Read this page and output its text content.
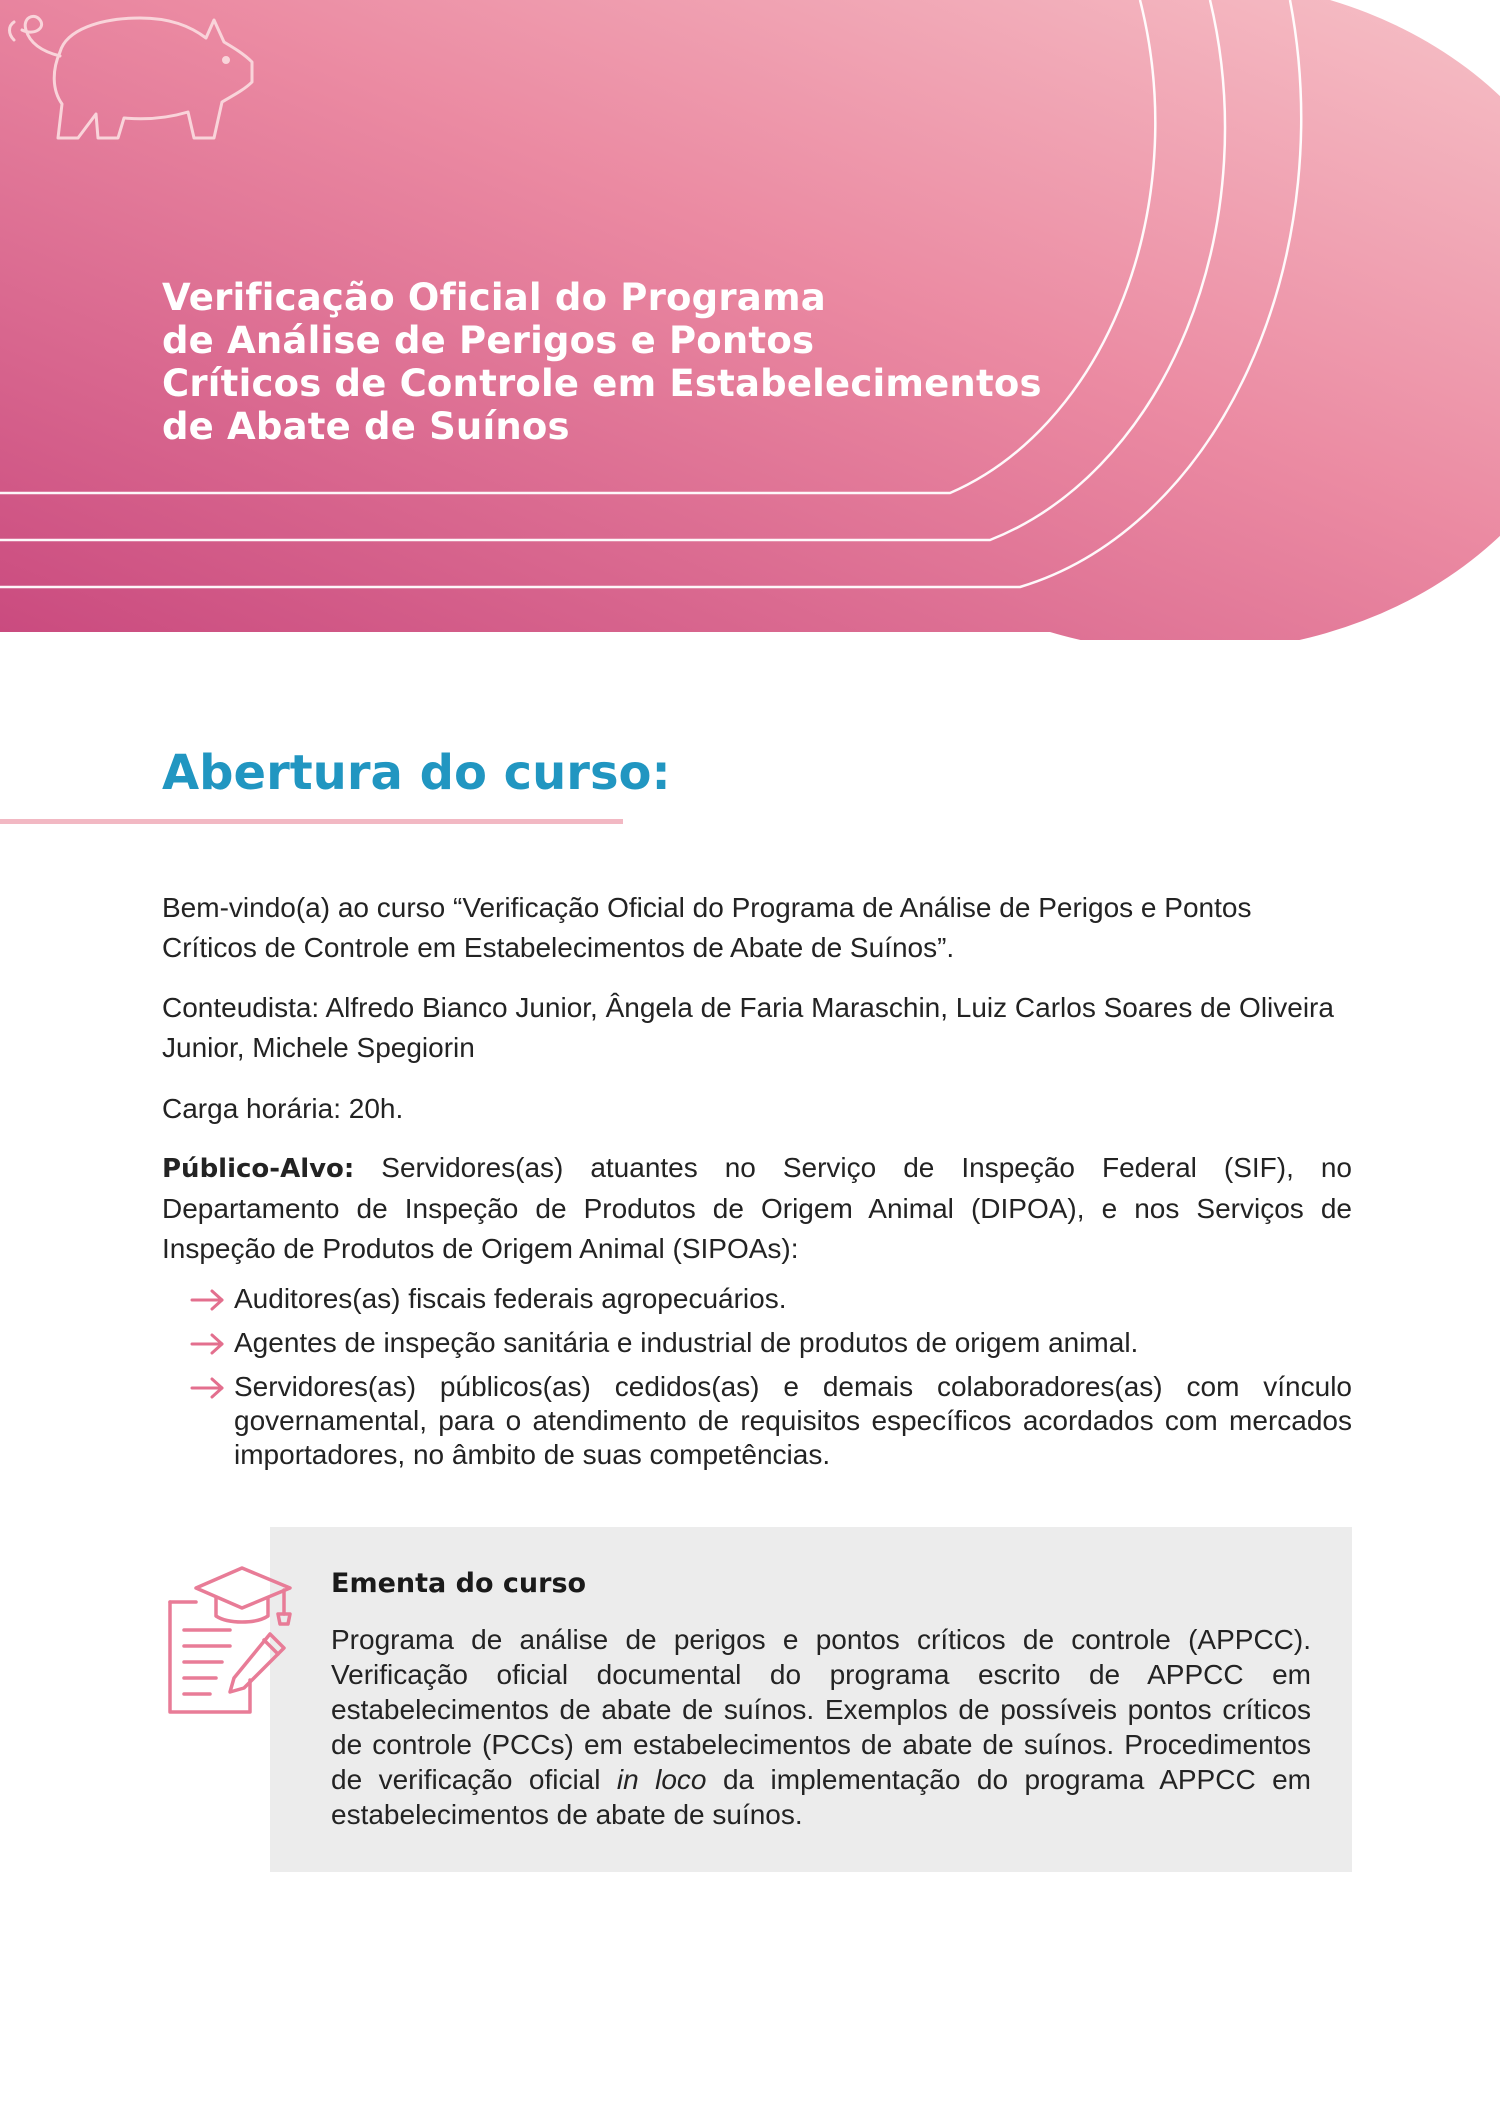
Verificação Oficial do Programa
de Análise de Perigos e Pontos
Críticos de Controle em Estabelecimentos
de Abate de Suínos
Abertura do curso:

Bem-vindo(a) ao curso “Verificação Oficial do Programa de Análise de Perigos e Pontos Críticos de Controle em Estabelecimentos de Abate de Suínos”.

Conteudista: Alfredo Bianco Junior, Ângela de Faria Maraschin, Luiz Carlos Soares de Oliveira Junior, Michele Spegiorin

Carga horária: 20h.

Público-Alvo: Servidores(as) atuantes no Serviço de Inspeção Federal (SIF), no Departamento de Inspeção de Produtos de Origem Animal (DIPOA), e nos Serviços de Inspeção de Produtos de Origem Animal (SIPOAs):

Auditores(as) fiscais federais agropecuários.
Agentes de inspeção sanitária e industrial de produtos de origem animal.
Servidores(as) públicos(as) cedidos(as) e demais colaboradores(as) com vínculo governamental, para o atendimento de requisitos específicos acordados com mercados importadores, no âmbito de suas competências.
Ementa do curso

Programa de análise de perigos e pontos críticos de controle (APPCC). Verificação oficial documental do programa escrito de APPCC em estabelecimentos de abate de suínos. Exemplos de possíveis pontos críticos de controle (PCCs) em estabelecimentos de abate de suínos. Procedimentos de verificação oficial in loco da implementação do programa APPCC em estabelecimentos de abate de suínos.
